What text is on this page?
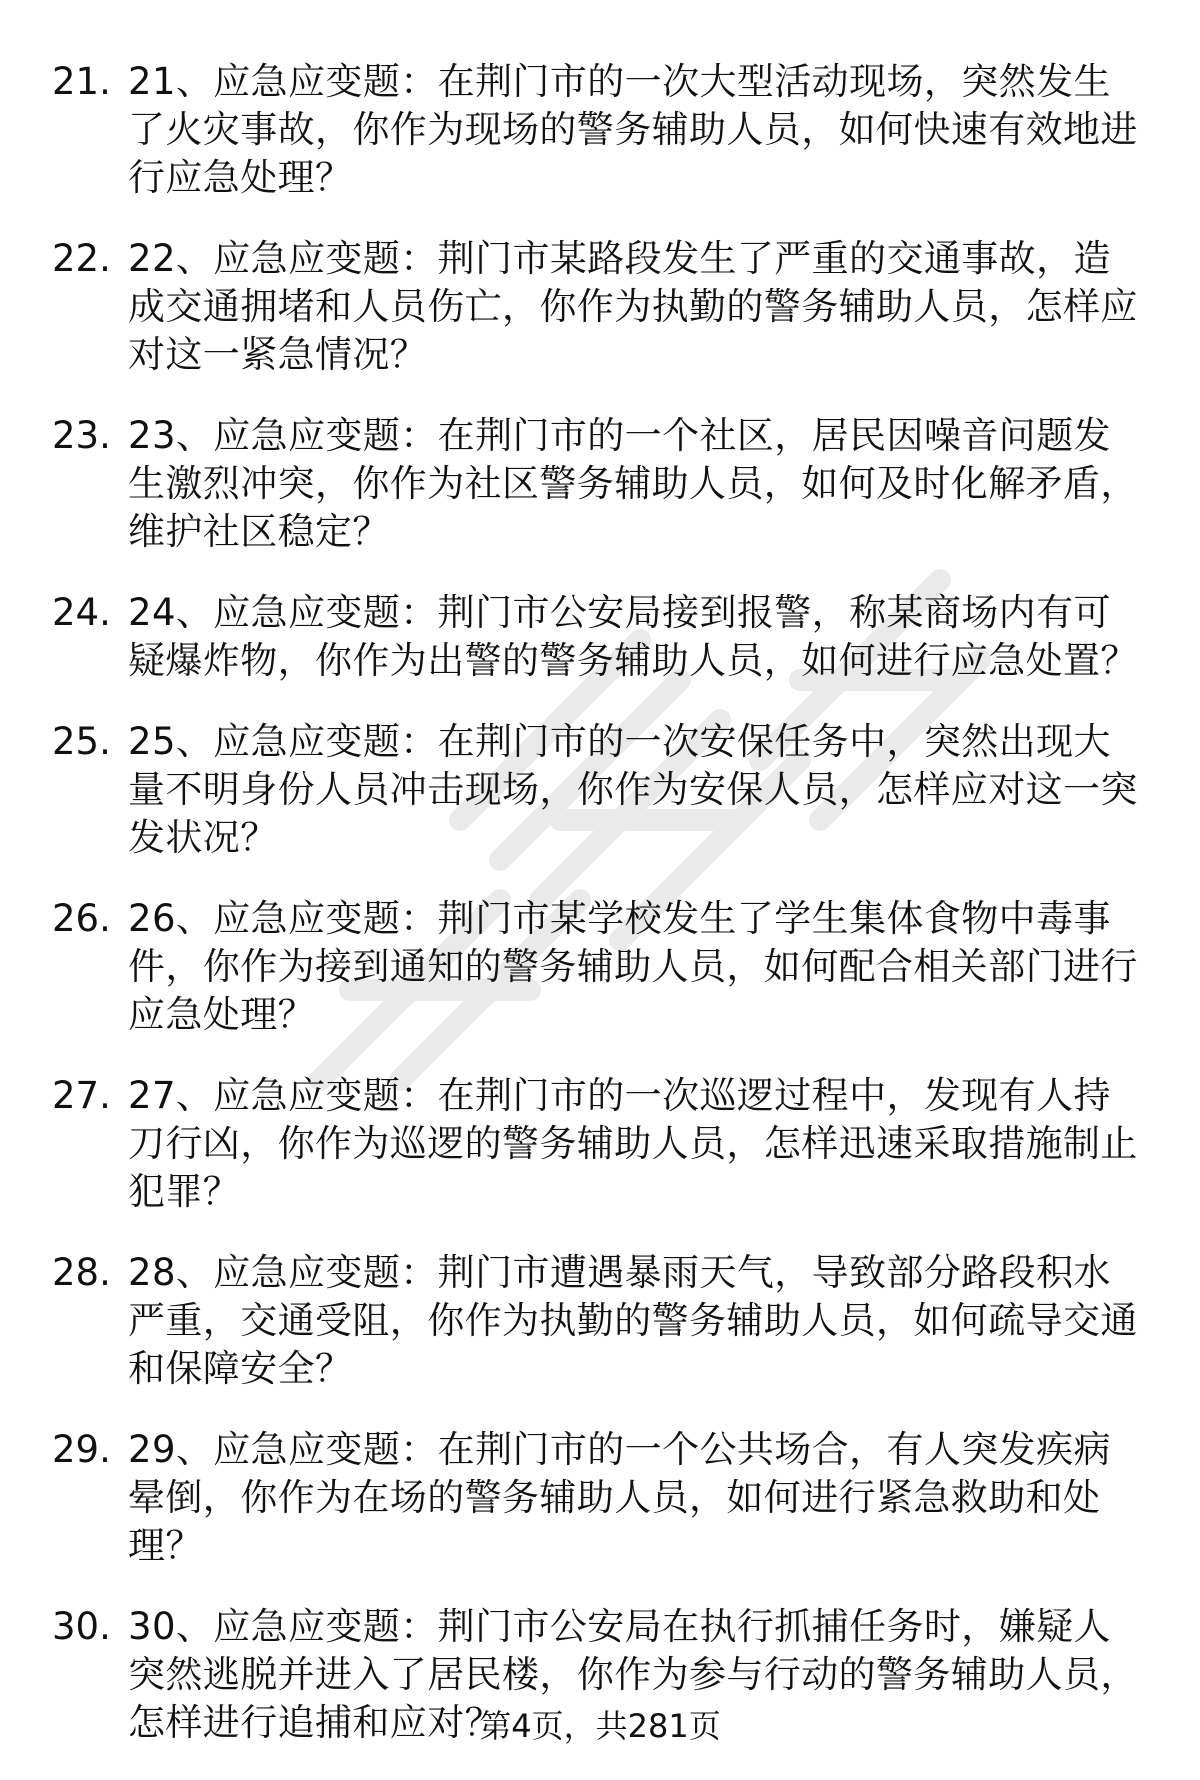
21. 21、应急应变题：在荆门市的一次大型活动现场，突然发生了火灾事故，你作为现场的警务辅助人员，如何快速有效地进行应急处理？
22. 22、应急应变题：荆门市某路段发生了严重的交通事故，造成交通拥堵和人员伤亡，你作为执勤的警务辅助人员，怎样应对这一紧急情况？
23. 23、应急应变题：在荆门市的一个社区，居民因噪音问题发生激烈冲突，你作为社区警务辅助人员，如何及时化解矛盾，维护社区稳定？
24. 24、应急应变题：荆门市公安局接到报警，称某商场内有可疑爆炸物，你作为出警的警务辅助人员，如何进行应急处置？
25. 25、应急应变题：在荆门市的一次安保任务中，突然出现大量不明身份人员冲击现场，你作为安保人员，怎样应对这一突发状况？
26. 26、应急应变题：荆门市某学校发生了学生集体食物中毒事件，你作为接到通知的警务辅助人员，如何配合相关部门进行应急处理？
27. 27、应急应变题：在荆门市的一次巡逻过程中，发现有人持刀行凶，你作为巡逻的警务辅助人员，怎样迅速采取措施制止犯罪？
28. 28、应急应变题：荆门市遭遇暴雨天气，导致部分路段积水严重，交通受阻，你作为执勤的警务辅助人员，如何疏导交通和保障安全？
29. 29、应急应变题：在荆门市的一个公共场合，有人突发疾病晕倒，你作为在场的警务辅助人员，如何进行紧急救助和处理？
30. 30、应急应变题：荆门市公安局在执行抓捕任务时，嫌疑人突然逃脱并进入了居民楼，你作为参与行动的警务辅助人员，怎样进行追捕和应对？
第4页，共281页
